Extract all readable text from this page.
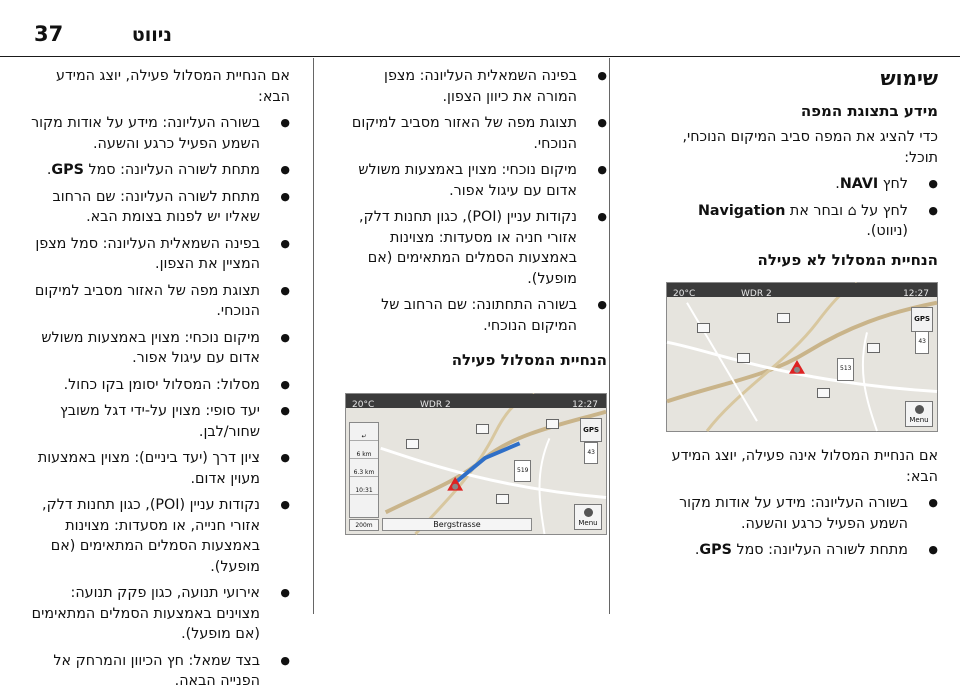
ניווט
37
שימוש
מידע בתצוגת המפה

כדי להציג את המפה סביב המיקום הנוכחי, תוכל:

● לחץ NAVI.
● לחץ על ⌂ ובחר את Navigation (ניווט).
הנחיית המסלול לא פעילה
20°C	WDR 2	12:27
GPS
43
513
Menu

אם הנחיית המסלול אינה פעילה, יוצג המידע הבא:

● בשורה העליונה: מידע על אודות מקור השמע הפעיל כרגע והשעה.
● מתחת לשורה העליונה: סמל GPS.
● בפינה השמאלית העליונה: מצפן המורה את כיוון הצפון.
● תצוגת מפה של האזור מסביב למיקום הנוכחי.
● מיקום נוכחי: מצוין באמצעות משולש אדום עם עיגול אפור.
● נקודות עניין (POI), כגון תחנות דלק, אזורי חניה או מסעדות: מצוינות באמצעות הסמלים המתאימים (אם מופעל).
● בשורה התחתונה: שם הרחוב של המיקום הנוכחי.
הנחיית המסלול פעילה
20°C	WDR 2	12:27
↵
6 km
6.3 km
10:31
GPS
43
519
200m	Bergstrasse	Menu

אם הנחיית המסלול פעילה, יוצג המידע הבא:

● בשורה העליונה: מידע על אודות מקור השמע הפעיל כרגע והשעה.
● מתחת לשורה העליונה: סמל GPS.
● מתחת לשורה העליונה: שם הרחוב שאליו יש לפנות בצומת הבא.
● בפינה השמאלית העליונה: סמל מצפן המציין את הצפון.
● תצוגת מפה של האזור מסביב למיקום הנוכחי.
● מיקום נוכחי: מצוין באמצעות משולש אדום עם עיגול אפור.
● מסלול: המסלול יסומן בקו כחול.
● יעד סופי: מצוין על-ידי דגל משובץ שחור/לבן.
● ציון דרך (יעד ביניים): מצוין באמצעות מעוין אדום.
● נקודות עניין (POI), כגון תחנות דלק, אזורי חנייה, או מסעדות: מצוינות באמצעות הסמלים המתאימים (אם מופעל).
● אירועי תנועה, כגון פקק תנועה: מצוינים באמצעות הסמלים המתאימים (אם מופעל).
● בצד שמאל: חץ הכיוון והמרחק אל הפנייה הבאה.
